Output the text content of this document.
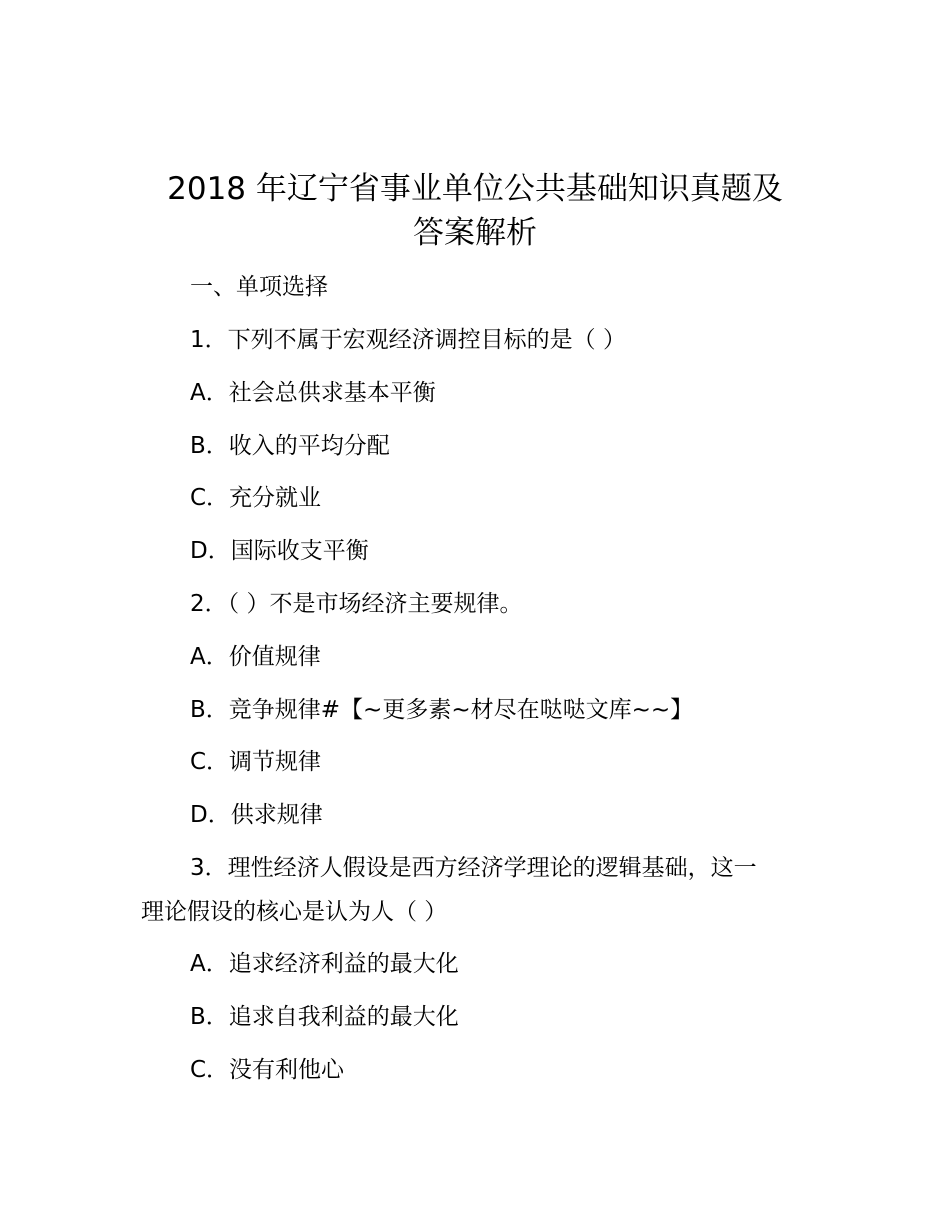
2018 年辽宁省事业单位公共基础知识真题及
答案解析

一、单项选择

1．下列不属于宏观经济调控目标的是（ ）

A．社会总供求基本平衡

B．收入的平均分配

C．充分就业

D．国际收支平衡

2．（ ）不是市场经济主要规律。

A．价值规律

B．竞争规律#【~更多素~材尽在哒哒文库~~】

C．调节规律

D．供求规律

3．理性经济人假设是西方经济学理论的逻辑基础，这一

理论假设的核心是认为人（ ）

A．追求经济利益的最大化

B．追求自我利益的最大化

C．没有利他心
